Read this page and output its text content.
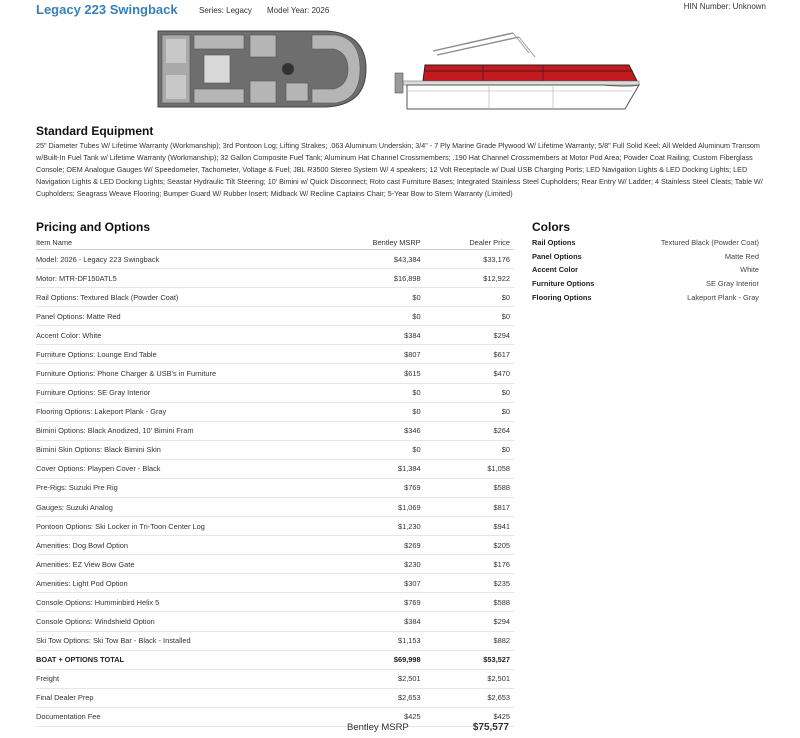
Legacy 223 Swingback	Series: Legacy Model Year: 2026	HIN Number: Unknown
Standard Equipment
25" Diameter Tubes W/ Lifetime Warranty (Workmanship); 3rd Pontoon Log; Lifting Strakes; .063 Aluminum Underskin; 3/4" - 7 Ply Marine Grade Plywood W/ Lifetime Warranty; 5/8" Full Solid Keel; All Welded Aluminum Transom w/Built-In Fuel Tank w/ Lifetime Warranty (Workmanship); 32 Gallon Composite Fuel Tank; Aluminum Hat Channel Crossmembers; .190 Hat Channel Crossmembers at Motor Pod Area; Powder Coat Railing; Custom Fiberglass Console; OEM Analogue Gauges W/ Speedometer, Tachometer, Voltage & Fuel; JBL R3500 Stereo System W/ 4 speakers; 12 Volt Receptacle w/ Dual USB Charging Ports; LED Navigation Lights & LED Docking Lights; LED Navigation Lights & LED Docking Lights; Seastar Hydraulic Tilt Steering; 10' Bimini w/ Quick Disconnect; Roto cast Furniture Bases; Integrated Stainless Steel Cupholders; Rear Entry W/ Ladder; 4 Stainless Steel Cleats; Table W/ Cupholders; Seagrass Weave Flooring; Bumper Guard W/ Rubber Insert; Midback W/ Recline Captains Chair; 5-Year Bow to Stern Warranty (Limited)
Pricing and Options
Item Name	Bentley MSRP	Dealer Price
Model: 2026 - Legacy 223 Swingback	$43,384	$33,176
Motor: MTR-DF150ATL5	$16,898	$12,922
Rail Options: Textured Black (Powder Coat)	$0	$0
Panel Options: Matte Red	$0	$0
Accent Color: White	$384	$294
Furniture Options: Lounge End Table	$807	$617
Furniture Options: Phone Charger & USB's in Furniture	$615	$470
Furniture Options: SE Gray Interior	$0	$0
Flooring Options: Lakeport Plank - Gray	$0	$0
Bimini Options: Black Anodized, 10' Bimini Fram	$346	$264
Bimini Skin Options: Black Bimini Skin	$0	$0
Cover Options: Playpen Cover - Black	$1,384	$1,058
Pre-Rigs: Suzuki Pre Rig	$769	$588
Gauges: Suzuki Analog	$1,069	$817
Pontoon Options: Ski Locker in Tri-Toon Center Log	$1,230	$941
Amenities: Dog Bowl Option	$269	$205
Amenities: EZ View Bow Gate	$230	$176
Amenities: Light Pod Option	$307	$235
Console Options: Humminbird Helix 5	$769	$588
Console Options: Windshield Option	$384	$294
Ski Tow Options: Ski Tow Bar - Black - Installed	$1,153	$882
BOAT + OPTIONS TOTAL	$69,998	$53,527
Freight	$2,501	$2,501
Final Dealer Prep	$2,653	$2,653
Documentation Fee	$425	$425
Bentley MSRP	$75,577
Colors
Rail Options	Textured Black (Powder Coat)
Panel Options	Matte Red
Accent Color	White
Furniture Options	SE Gray Interior
Flooring Options	Lakeport Plank - Gray
